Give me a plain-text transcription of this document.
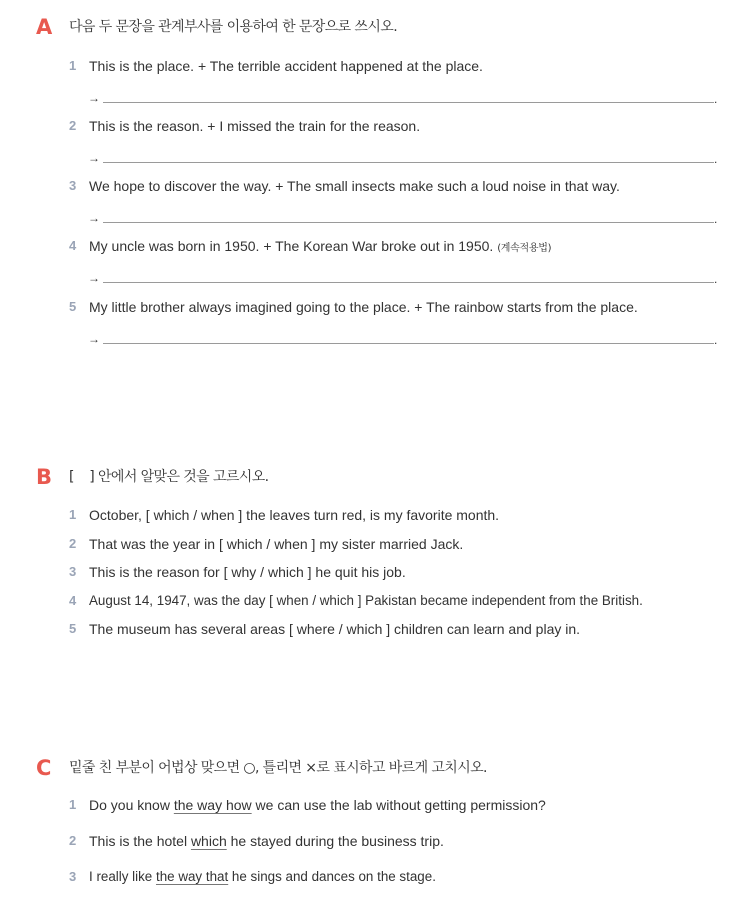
A 다음 두 문장을 관계부사를 이용하여 한 문장으로 쓰시오.
1 This is the place. + The terrible accident happened at the place.
→	.
2 This is the reason. + I missed the train for the reason.
→	.
3 We hope to discover the way. + The small insects make such a loud noise in that way.
→	.
4 My uncle was born in 1950. + The Korean War broke out in 1950. (계속적용법)
→	.
5 My little brother always imagined going to the place. + The rainbow starts from the place.
→	.
B [    ] 안에서 알맞은 것을 고르시오.
1 October, [ which / when ] the leaves turn red, is my favorite month.
2 That was the year in [ which / when ] my sister married Jack.
3 This is the reason for [ why / which ] he quit his job.
4 August 14, 1947, was the day [ when / which ] Pakistan became independent from the British.
5 The museum has several areas [ where / which ] children can learn and play in.
C 밑줄 친 부분이 어법상 맞으면 ○, 틀리면 ×로 표시하고 바르게 고치시오.
1 Do you know the way how we can use the lab without getting permission?
2 This is the hotel which he stayed during the business trip.
3 I really like the way that he sings and dances on the stage.
